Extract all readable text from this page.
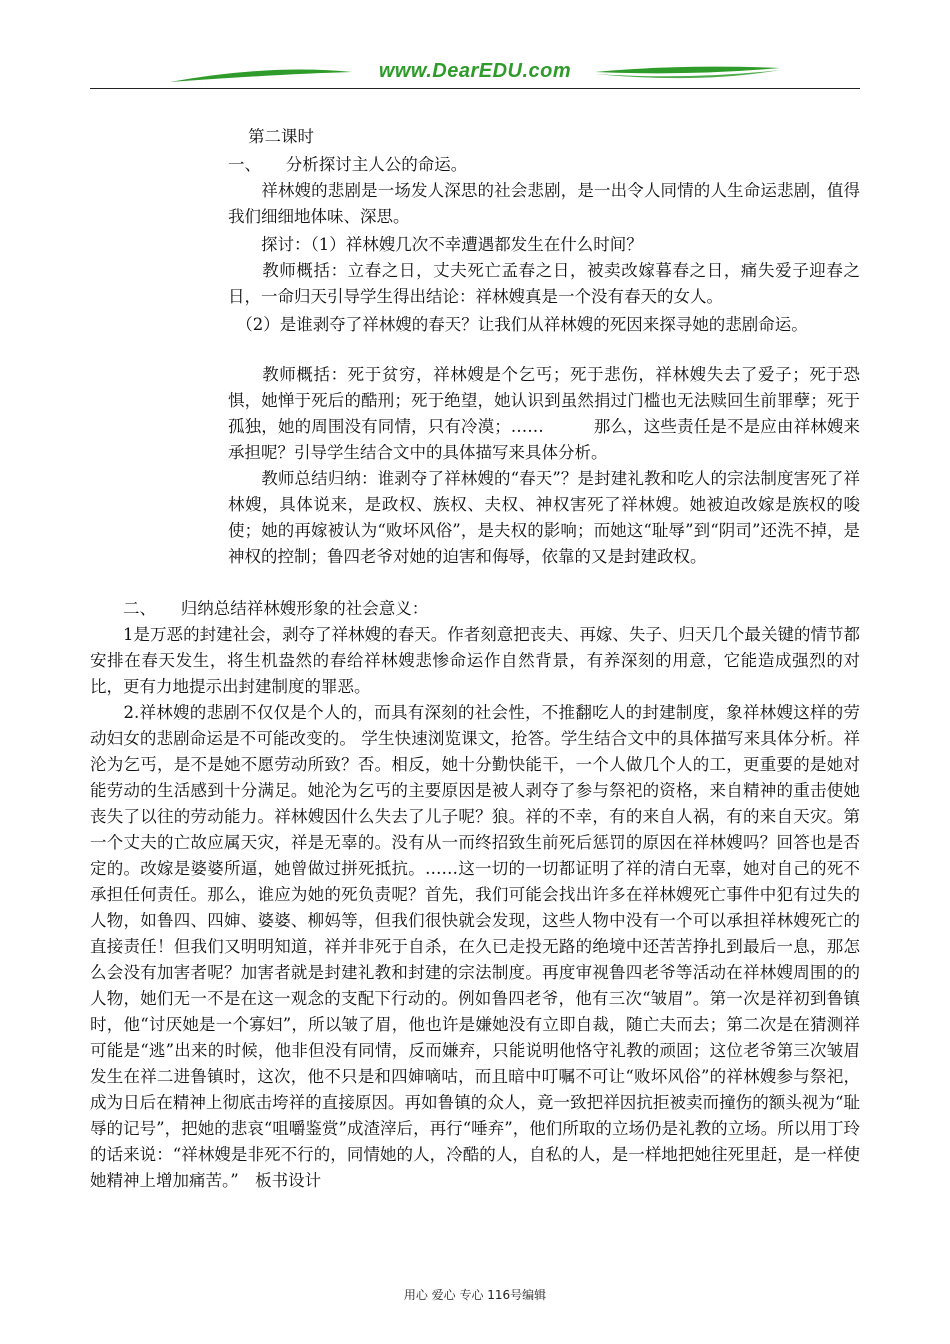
www.DearEDU.com

第二课时

一、　　分析探讨主人公的命运。

　　祥林嫂的悲剧是一场发人深思的社会悲剧，是一出令人同情的人生命运悲剧，值得我们细细地体味、深思。

　　探讨：（1）祥林嫂几次不幸遭遇都发生在什么时间？

　　教师概括：立春之日，丈夫死亡孟春之日，被卖改嫁暮春之日，痛失爱子迎春之日，一命归天引导学生得出结论：祥林嫂真是一个没有春天的女人。

　（2）是谁剥夺了祥林嫂的春天？让我们从祥林嫂的死因来探寻她的悲剧命运。

　　教师概括：死于贫穷，祥林嫂是个乞丐；死于悲伤，祥林嫂失去了爱子；死于恐惧，她惮于死后的酷刑；死于绝望，她认识到虽然捐过门槛也无法赎回生前罪孽；死于孤独，她的周围没有同情，只有冷漠；……　　　那么，这些责任是不是应由祥林嫂来承担呢？引导学生结合文中的具体描写来具体分析。

　　教师总结归纳：谁剥夺了祥林嫂的“春天”？是封建礼教和吃人的宗法制度害死了祥林嫂，具体说来，是政权、族权、夫权、神权害死了祥林嫂。她被迫改嫁是族权的唆使；她的再嫁被认为“败坏风俗”，是夫权的影响；而她这“耻辱”到“阴司”还洗不掉，是神权的控制；鲁四老爷对她的迫害和侮辱，依靠的又是封建政权。

　　二、　　归纳总结祥林嫂形象的社会意义：

　　1是万恶的封建社会，剥夺了祥林嫂的春天。作者刻意把丧夫、再嫁、失子、归天几个最关键的情节都安排在春天发生，将生机盎然的春给祥林嫂悲惨命运作自然背景，有养深刻的用意，它能造成强烈的对比，更有力地提示出封建制度的罪恶。

　　2.祥林嫂的悲剧不仅仅是个人的，而具有深刻的社会性，不推翻吃人的封建制度，象祥林嫂这样的劳动妇女的悲剧命运是不可能改变的。 学生快速浏览课文，抢答。学生结合文中的具体描写来具体分析。祥沦为乞丐，是不是她不愿劳动所致？否。相反，她十分勤快能干，一个人做几个人的工，更重要的是她对能劳动的生活感到十分满足。她沦为乞丐的主要原因是被人剥夺了参与祭祀的资格，来自精神的重击使她丧失了以往的劳动能力。祥林嫂因什么失去了儿子呢？狼。祥的不幸，有的来自人祸，有的来自天灾。第一个丈夫的亡故应属天灾，祥是无辜的。没有从一而终招致生前死后惩罚的原因在祥林嫂吗？回答也是否定的。改嫁是婆婆所逼，她曾做过拼死抵抗。……这一切的一切都证明了祥的清白无辜，她对自己的死不承担任何责任。那么，谁应为她的死负责呢？首先，我们可能会找出许多在祥林嫂死亡事件中犯有过失的人物，如鲁四、四婶、婆婆、柳妈等，但我们很快就会发现，这些人物中没有一个可以承担祥林嫂死亡的直接责任！但我们又明明知道，祥并非死于自杀，在久已走投无路的绝境中还苦苦挣扎到最后一息，那怎么会没有加害者呢？加害者就是封建礼教和封建的宗法制度。再度审视鲁四老爷等活动在祥林嫂周围的的人物，她们无一不是在这一观念的支配下行动的。例如鲁四老爷，他有三次“皱眉”。第一次是祥初到鲁镇时，他“讨厌她是一个寡妇”，所以皱了眉，他也许是嫌她没有立即自裁，随亡夫而去；第二次是在猜测祥可能是“逃”出来的时候，他非但没有同情，反而嫌弃，只能说明他恪守礼教的顽固；这位老爷第三次皱眉发生在祥二进鲁镇时，这次，他不只是和四婶嘀咕，而且暗中叮嘱不可让“败坏风俗”的祥林嫂参与祭祀，成为日后在精神上彻底击垮祥的直接原因。再如鲁镇的众人，竟一致把祥因抗拒被卖而撞伤的额头视为“耻辱的记号”，把她的悲哀“咀嚼鉴赏”成渣滓后，再行“唾弃”，他们所取的立场仍是礼教的立场。所以用丁玲的话来说：“祥林嫂是非死不行的，同情她的人，冷酷的人，自私的人，是一样地把她往死里赶，是一样使她精神上增加痛苦。”　板书设计

用心 爱心 专心 116号编辑
